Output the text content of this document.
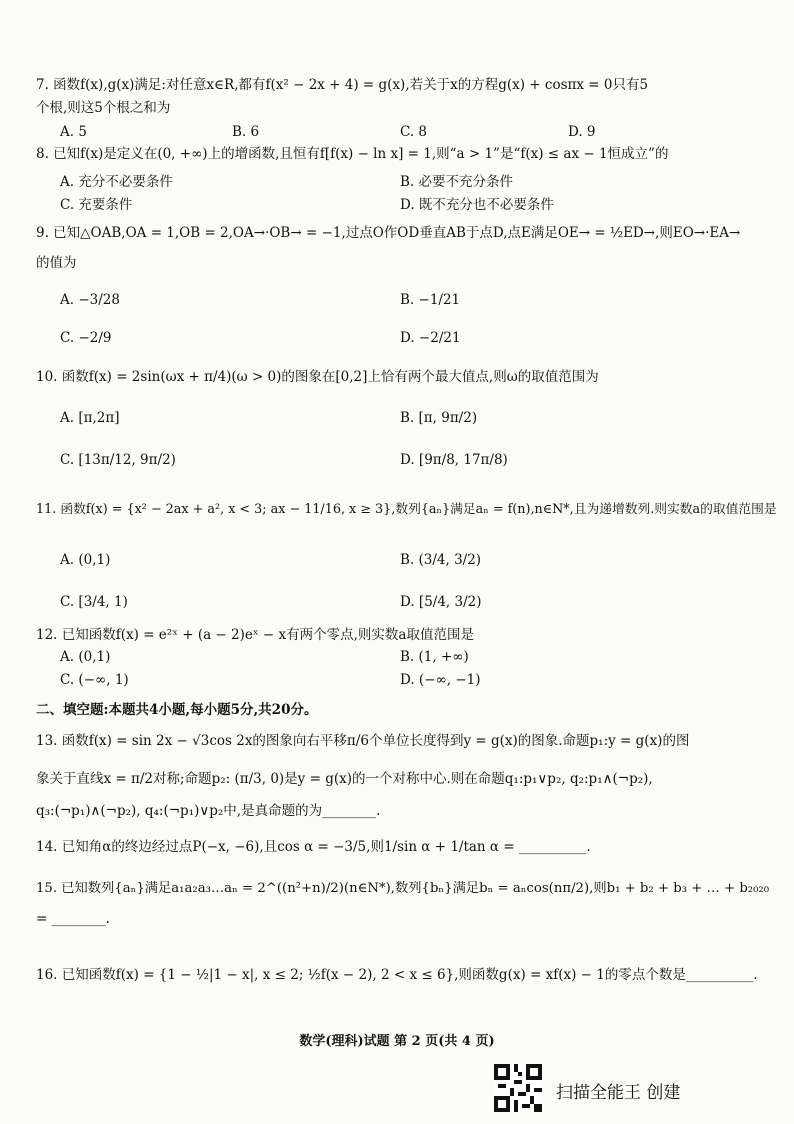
7. 函数f(x),g(x)满足:对任意x∈R,都有f(x² − 2x + 4) = g(x),若关于x的方程g(x) + cosπx = 0只有5
个根,则这5个根之和为
A. 5	B. 6	C. 8	D. 9
8. 已知f(x)是定义在(0, +∞)上的增函数,且恒有f[f(x) − ln x] = 1,则“a > 1”是“f(x) ≤ ax − 1恒成立”的
A. 充分不必要条件	B. 必要不充分条件
C. 充要条件	D. 既不充分也不必要条件
9. 已知△OAB,OA = 1,OB = 2,OA→·OB→ = −1,过点O作OD垂直AB于点D,点E满足OE→ = ½ED→,则EO→·EA→
的值为
A. −3/28	B. −1/21
C. −2/9	D. −2/21
10. 函数f(x) = 2sin(ωx + π/4)(ω > 0)的图象在[0,2]上恰有两个最大值点,则ω的取值范围为
A. [π,2π]	B. [π, 9π/2)
C. [13π/12, 9π/2)	D. [9π/8, 17π/8)
11. 函数f(x) = {x² − 2ax + a², x < 3; ax − 11/16, x ≥ 3},数列{aₙ}满足aₙ = f(n),n∈N*,且为递增数列.则实数a的取值范围是
A. (0,1)	B. (3/4, 3/2)
C. [3/4, 1)	D. [5/4, 3/2)
12. 已知函数f(x) = e²ˣ + (a − 2)eˣ − x有两个零点,则实数a取值范围是
A. (0,1)	B. (1, +∞)
C. (−∞, 1)	D. (−∞, −1)
二、填空题:本题共4小题,每小题5分,共20分。
13. 函数f(x) = sin 2x − √3cos 2x的图象向右平移π/6个单位长度得到y = g(x)的图象.命题p₁:y = g(x)的图
象关于直线x = π/2对称;命题p₂: (π/3, 0)是y = g(x)的一个对称中心.则在命题q₁:p₁∨p₂, q₂:p₁∧(¬p₂),
q₃:(¬p₁)∧(¬p₂), q₄:(¬p₁)∨p₂中,是真命题的为________.
14. 已知角α的终边经过点P(−x, −6),且cos α = −3/5,则1/sin α + 1/tan α = __________.
15. 已知数列{aₙ}满足a₁a₂a₃…aₙ = 2^((n²+n)/2)(n∈N*),数列{bₙ}满足bₙ = aₙcos(nπ/2),则b₁ + b₂ + b₃ + … + b₂₀₂₀
= ________.
16. 已知函数f(x) = {1 − ½|1 − x|, x ≤ 2; ½f(x − 2), 2 < x ≤ 6},则函数g(x) = xf(x) − 1的零点个数是__________.
数学(理科)试题 第 2 页(共 4 页)
扫描全能王 创建
